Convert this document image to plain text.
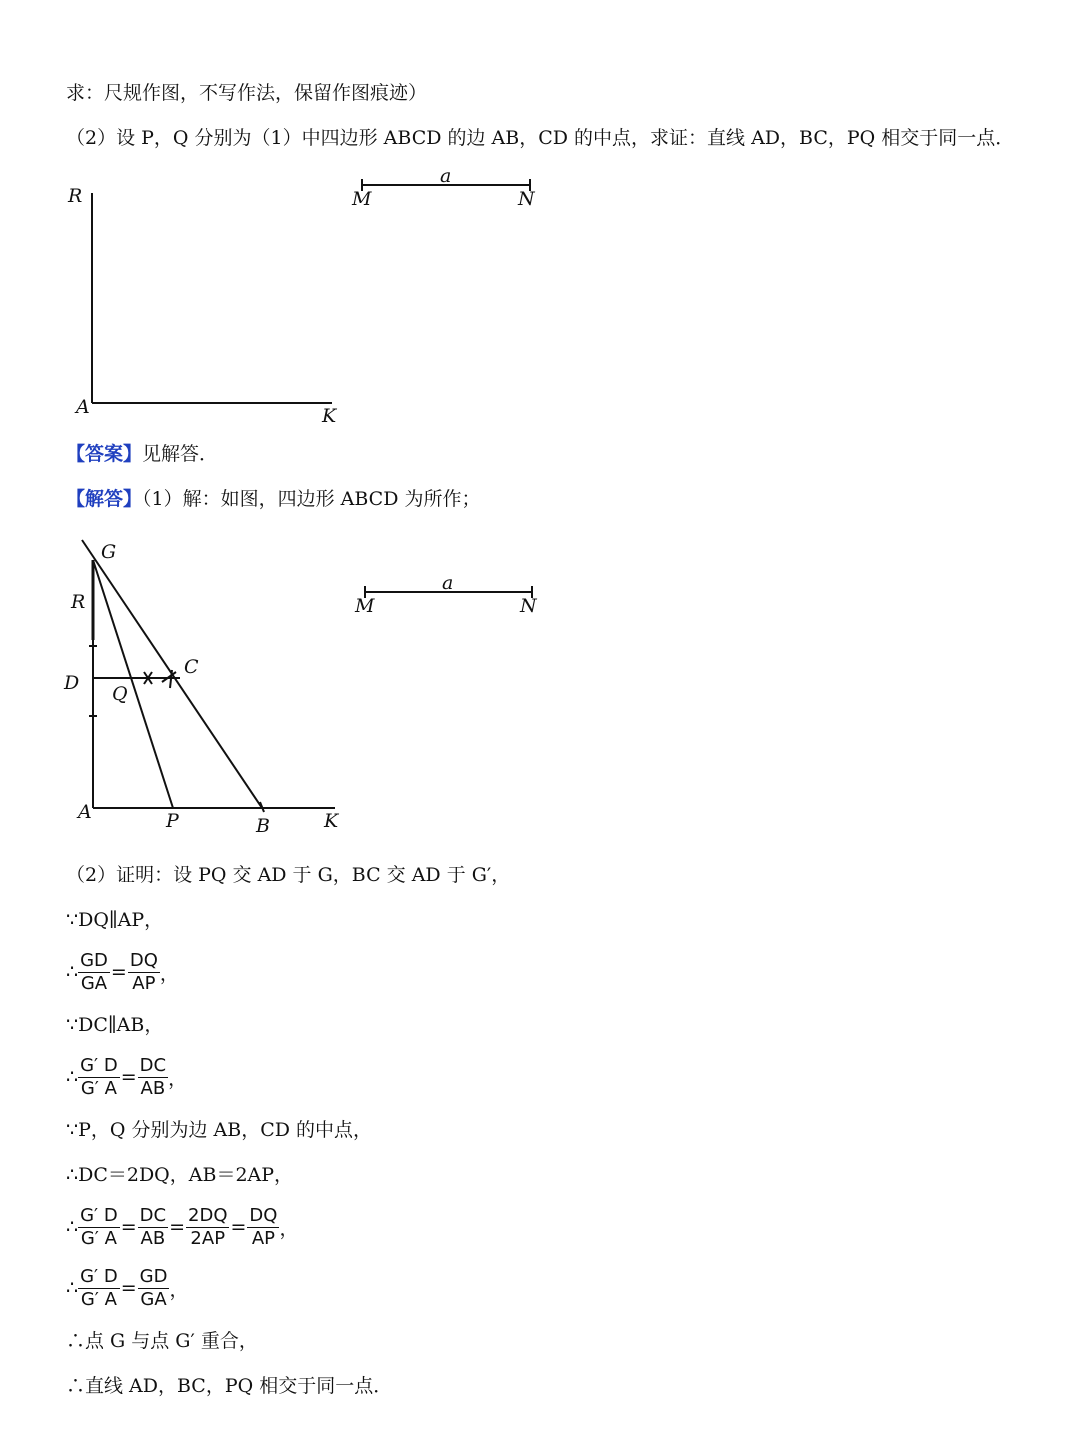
求：尺规作图，不写作法，保留作图痕迹）
（2）设 P，Q 分别为（1）中四边形 ABCD 的边 AB，CD 的中点，求证：直线 AD，BC，PQ 相交于同一点．
R
A	K
M	N
a
【答案】见解答．
【解答】（1）解：如图，四边形 ABCD 为所作；
G
R
D Q
C
A	P	B	K
M	N
a
（2）证明：设 PQ 交 AD 于 G，BC 交 AD 于 G′，
∵DQ∥AP，
∴ $\frac{GD}{GA} = \frac{DQ}{AP}$ ，
∵DC∥AB，
∴ $\frac{G' D}{G' A} = \frac{DC}{AB}$ ，
∵P，Q 分别为边 AB，CD 的中点，
∴DC＝2DQ，AB＝2AP，
∴ $\frac{G' D}{G' A} = \frac{DC}{AB} = \frac{2DQ}{2AP} = \frac{DQ}{AP}$ ，
∴ $\frac{G' D}{G' A} = \frac{GD}{GA}$ ，
∴点 G 与点 G′ 重合，
∴直线 AD，BC，PQ 相交于同一点．
